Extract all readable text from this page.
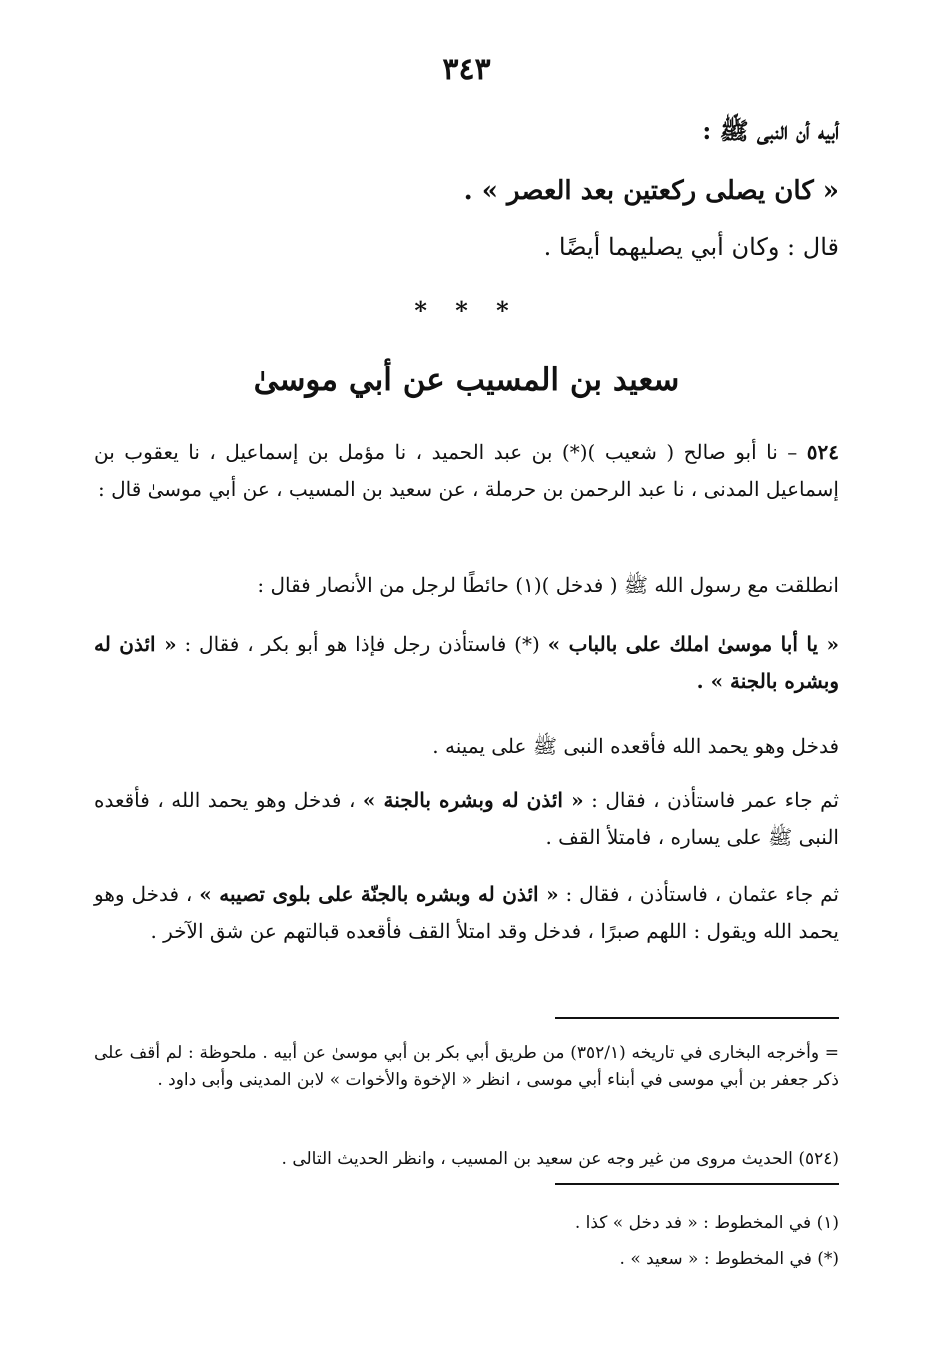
٣٤٣
أبيه أن النبى ﷺ :
« كان يصلى ركعتين بعد العصر » .
قال : وكان أبي يصليهما أيضًا .
* * *
سعيد بن المسيب عن أبي موسىٰ
٥٢٤ – نا أبو صالح ( شعيب )(*) بن عبد الحميد ، نا مؤمل بن إسماعيل ، نا يعقوب بن إسماعيل المدنى ، نا عبد الرحمن بن حرملة ، عن سعيد بن المسيب ، عن أبي موسىٰ قال :
انطلقت مع رسول الله ﷺ ( فدخل )(١) حائطًا لرجل من الأنصار فقال :
« يا أبا موسىٰ املك على بالباب » (*) فاستأذن رجل فإذا هو أبو بكر ، فقال : « ائذن له وبشره بالجنة » .
فدخل وهو يحمد الله فأقعده النبى ﷺ على يمينه .
ثم جاء عمر فاستأذن ، فقال : « ائذن له وبشره بالجنة » ، فدخل وهو يحمد الله ، فأقعده النبى ﷺ على يساره ، فامتلأ القف .
ثم جاء عثمان ، فاستأذن ، فقال : « ائذن له وبشره بالجنّة على بلوى تصيبه » ، فدخل وهو يحمد الله ويقول : اللهم صبرًا ، فدخل وقد امتلأ القف فأقعده قبالتهم عن شق الآخر .
= وأخرجه البخارى في تاريخه (٣٥٢/١) من طريق أبي بكر بن أبي موسىٰ عن أبيه . ملحوظة : لم أقف على ذكر جعفر بن أبي موسى في أبناء أبي موسى ، انظر « الإخوة والأخوات » لابن المدينى وأبى داود .
(٥٢٤) الحديث مروى من غير وجه عن سعيد بن المسيب ، وانظر الحديث التالى .
(١) في المخطوط : « فد دخل » كذا .
(*) في المخطوط : « سعيد » .
